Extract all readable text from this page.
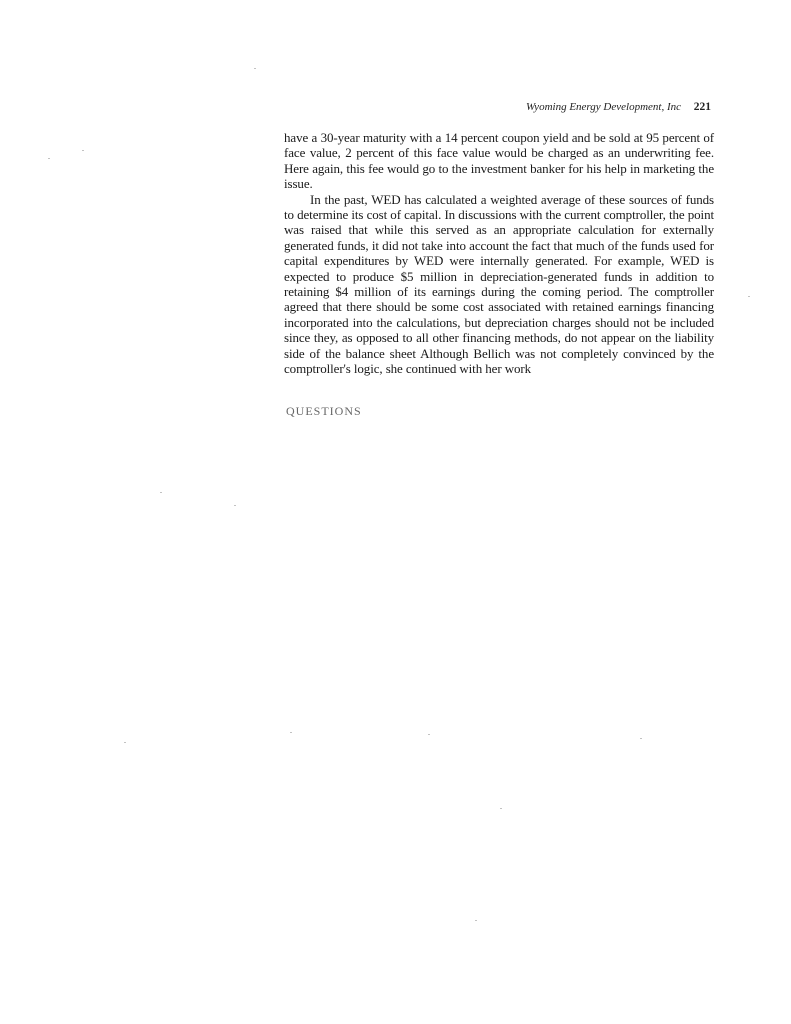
Wyoming Energy Development, Inc 221

have a 30-year maturity with a 14 percent coupon yield and be sold at 95 percent of face value, 2 percent of this face value would be charged as an underwriting fee. Here again, this fee would go to the investment banker for his help in marketing the issue.

In the past, WED has calculated a weighted average of these sources of funds to determine its cost of capital. In discussions with the current comptroller, the point was raised that while this served as an appropriate calculation for externally generated funds, it did not take into account the fact that much of the funds used for capital expenditures by WED were internally generated. For example, WED is expected to produce $5 million in depreciation-generated funds in addition to retaining $4 million of its earnings during the coming period. The comptroller agreed that there should be some cost associated with retained earnings financing incorporated into the calculations, but depreciation charges should not be included since they, as opposed to all other financing methods, do not appear on the liability side of the balance sheet Although Bellich was not completely convinced by the comptroller's logic, she continued with her work

QUESTIONS
